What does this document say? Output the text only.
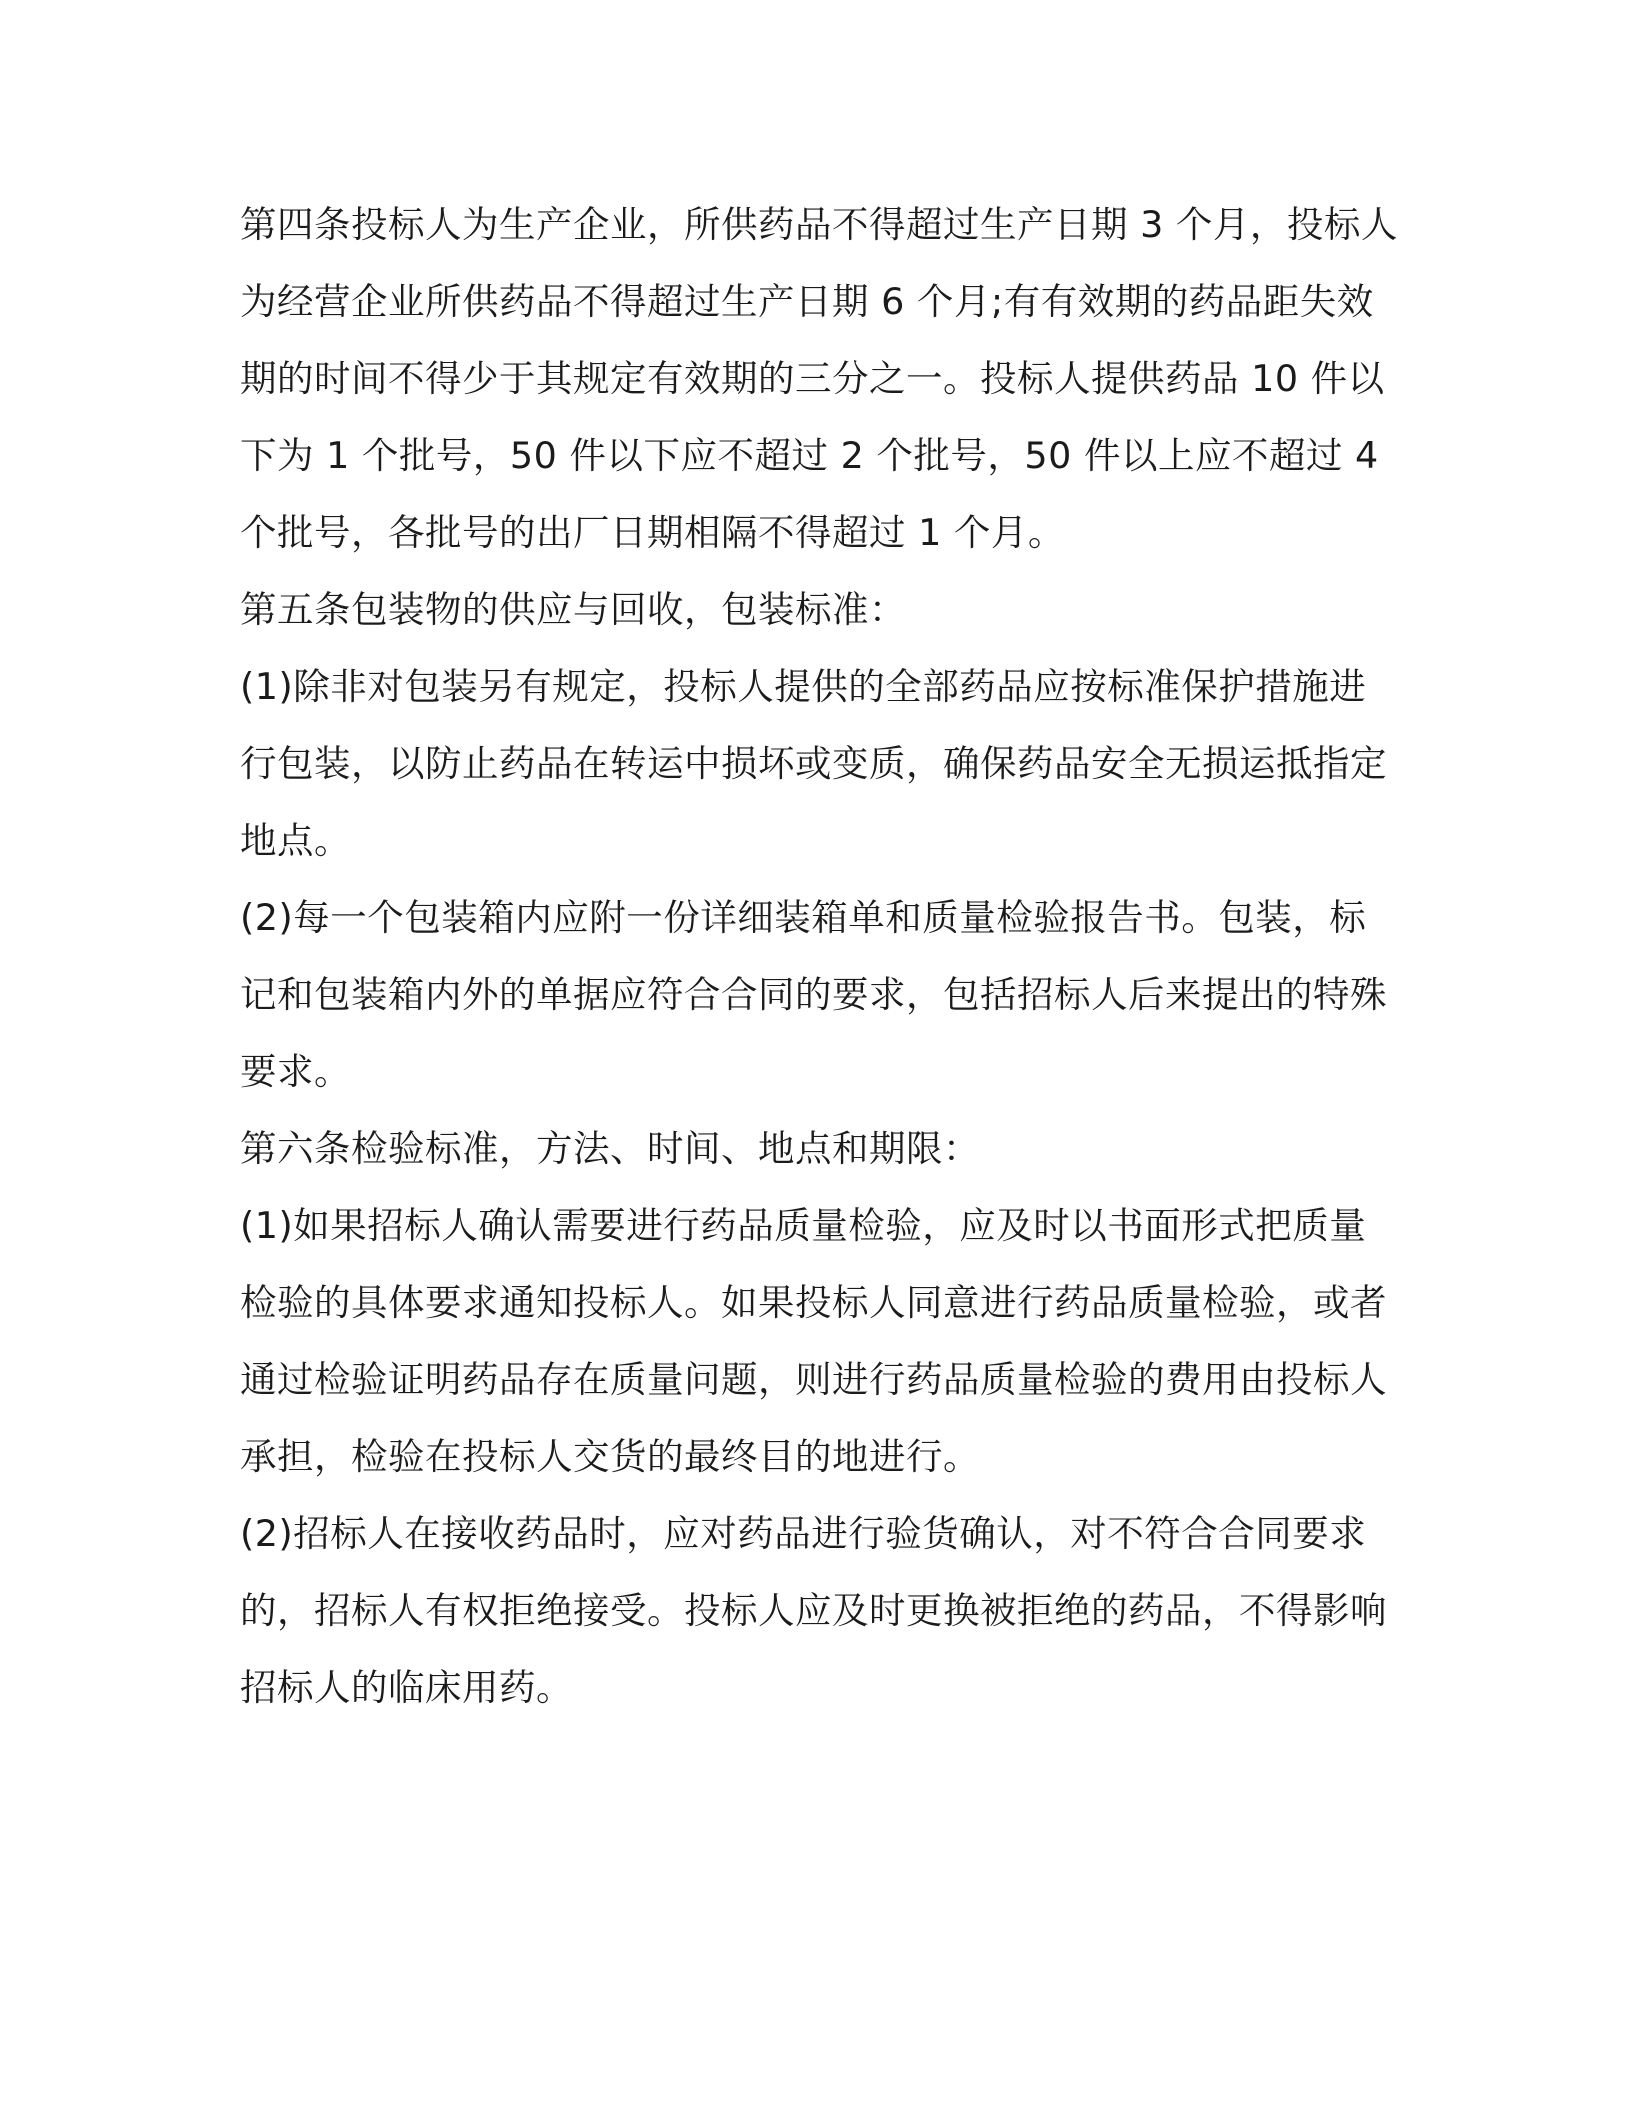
第四条投标人为生产企业，所供药品不得超过生产日期 3 个月，投标人为经营企业所供药品不得超过生产日期 6 个月;有有效期的药品距失效期的时间不得少于其规定有效期的三分之一。投标人提供药品 10 件以下为 1 个批号，50 件以下应不超过 2 个批号，50 件以上应不超过 4 个批号，各批号的出厂日期相隔不得超过 1 个月。

第五条包装物的供应与回收，包装标准：

(1)除非对包装另有规定，投标人提供的全部药品应按标准保护措施进行包装，以防止药品在转运中损坏或变质，确保药品安全无损运抵指定地点。

(2)每一个包装箱内应附一份详细装箱单和质量检验报告书。包装，标记和包装箱内外的单据应符合合同的要求，包括招标人后来提出的特殊要求。

第六条检验标准，方法、时间、地点和期限：

(1)如果招标人确认需要进行药品质量检验，应及时以书面形式把质量检验的具体要求通知投标人。如果投标人同意进行药品质量检验，或者通过检验证明药品存在质量问题，则进行药品质量检验的费用由投标人承担，检验在投标人交货的最终目的地进行。

(2)招标人在接收药品时，应对药品进行验货确认，对不符合合同要求的，招标人有权拒绝接受。投标人应及时更换被拒绝的药品，不得影响招标人的临床用药。
